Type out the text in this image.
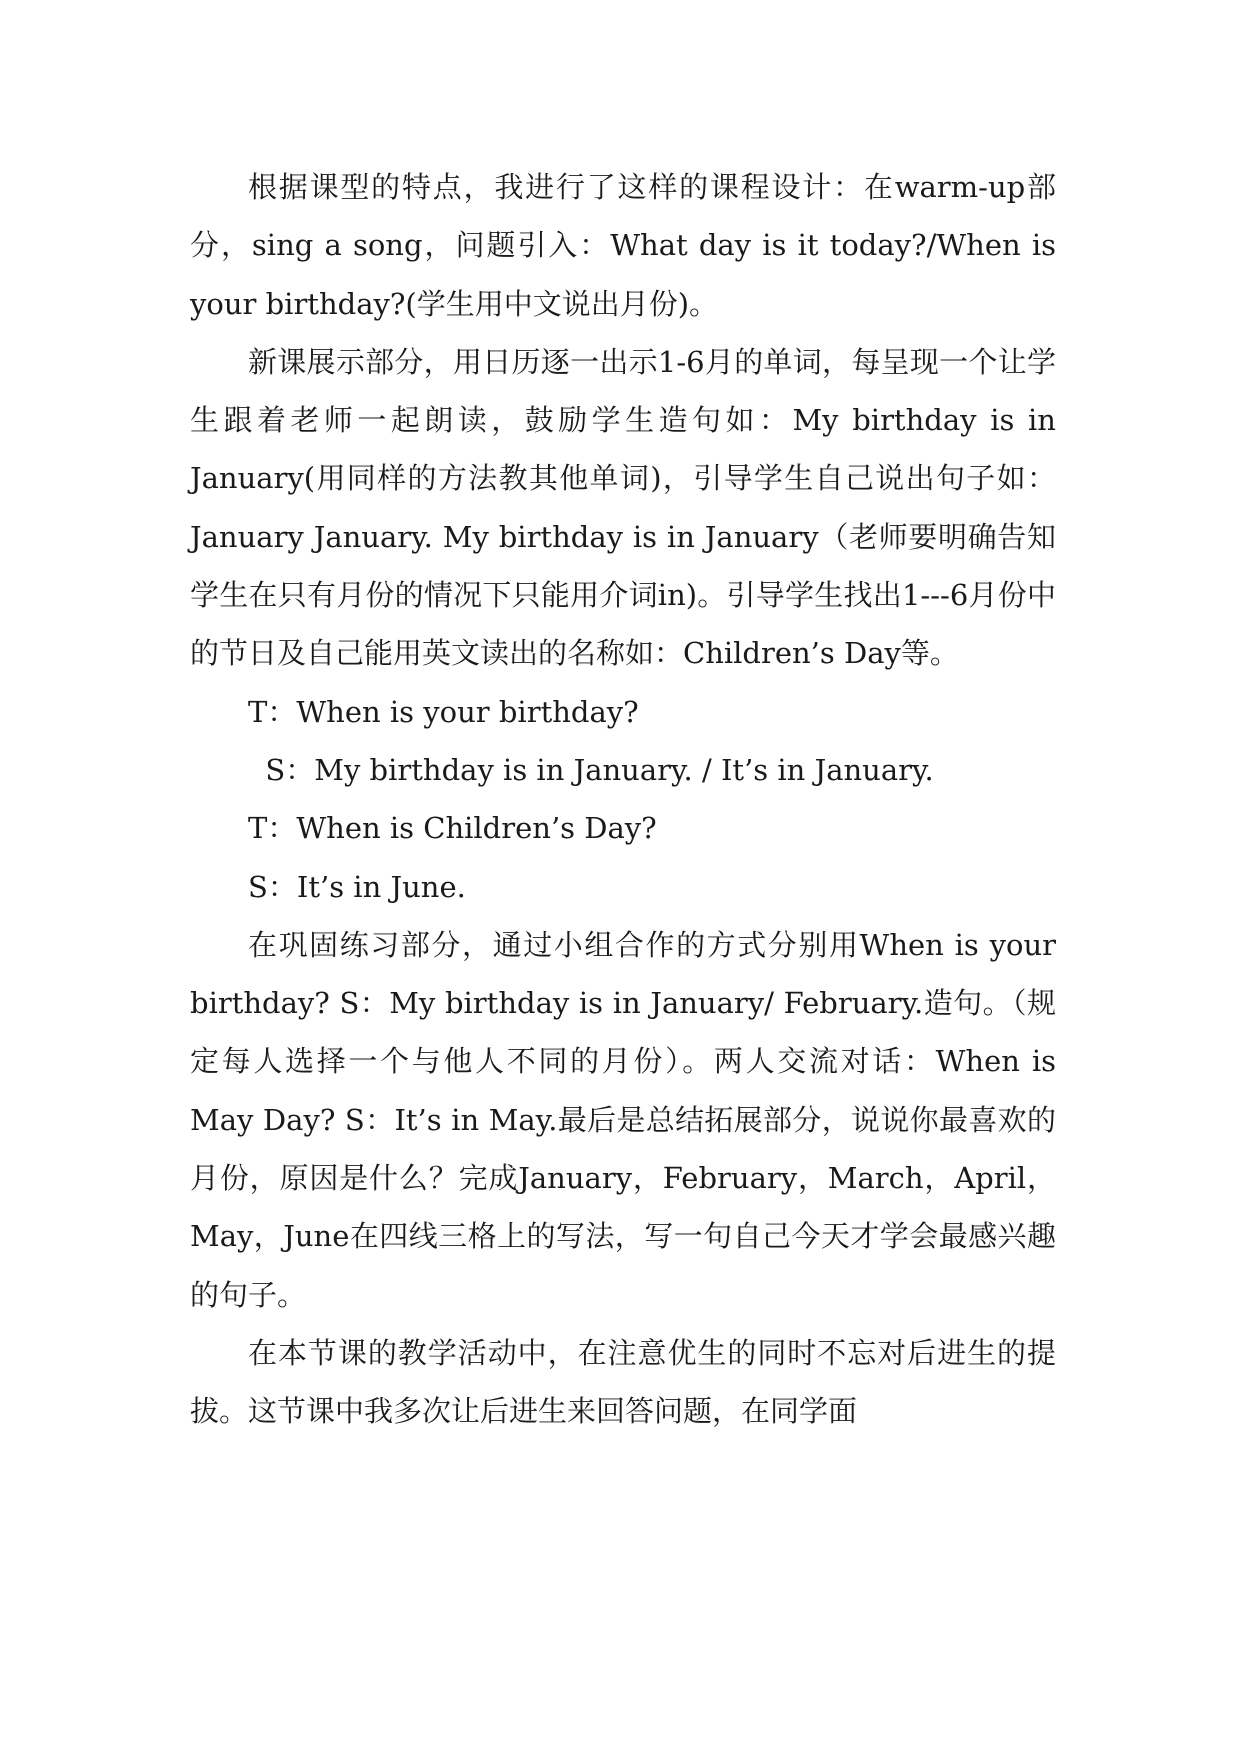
根据课型的特点，我进行了这样的课程设计：在warm-up部分，sing a song，问题引入：What day is it today?/When is your birthday?(学生用中文说出月份)。

新课展示部分，用日历逐一出示1-6月的单词，每呈现一个让学生跟着老师一起朗读，鼓励学生造句如：My birthday is in January(用同样的方法教其他单词)，引导学生自己说出句子如：January January. My birthday is in January（老师要明确告知学生在只有月份的情况下只能用介词in)。引导学生找出1---6月份中的节日及自己能用英文读出的名称如：Children’s Day等。

T：When is your birthday?

S：My birthday is in January. / It’s in January.

T：When is Children’s Day?

S：It’s in June.

在巩固练习部分，通过小组合作的方式分别用When is your birthday? S：My birthday is in January/ February.造句。（规定每人选择一个与他人不同的月份）。两人交流对话：When is May Day? S：It’s in May.最后是总结拓展部分，说说你最喜欢的月份，原因是什么？完成January，February，March，April，May，June在四线三格上的写法，写一句自己今天才学会最感兴趣的句子。

在本节课的教学活动中，在注意优生的同时不忘对后进生的提拔。这节课中我多次让后进生来回答问题，在同学面
